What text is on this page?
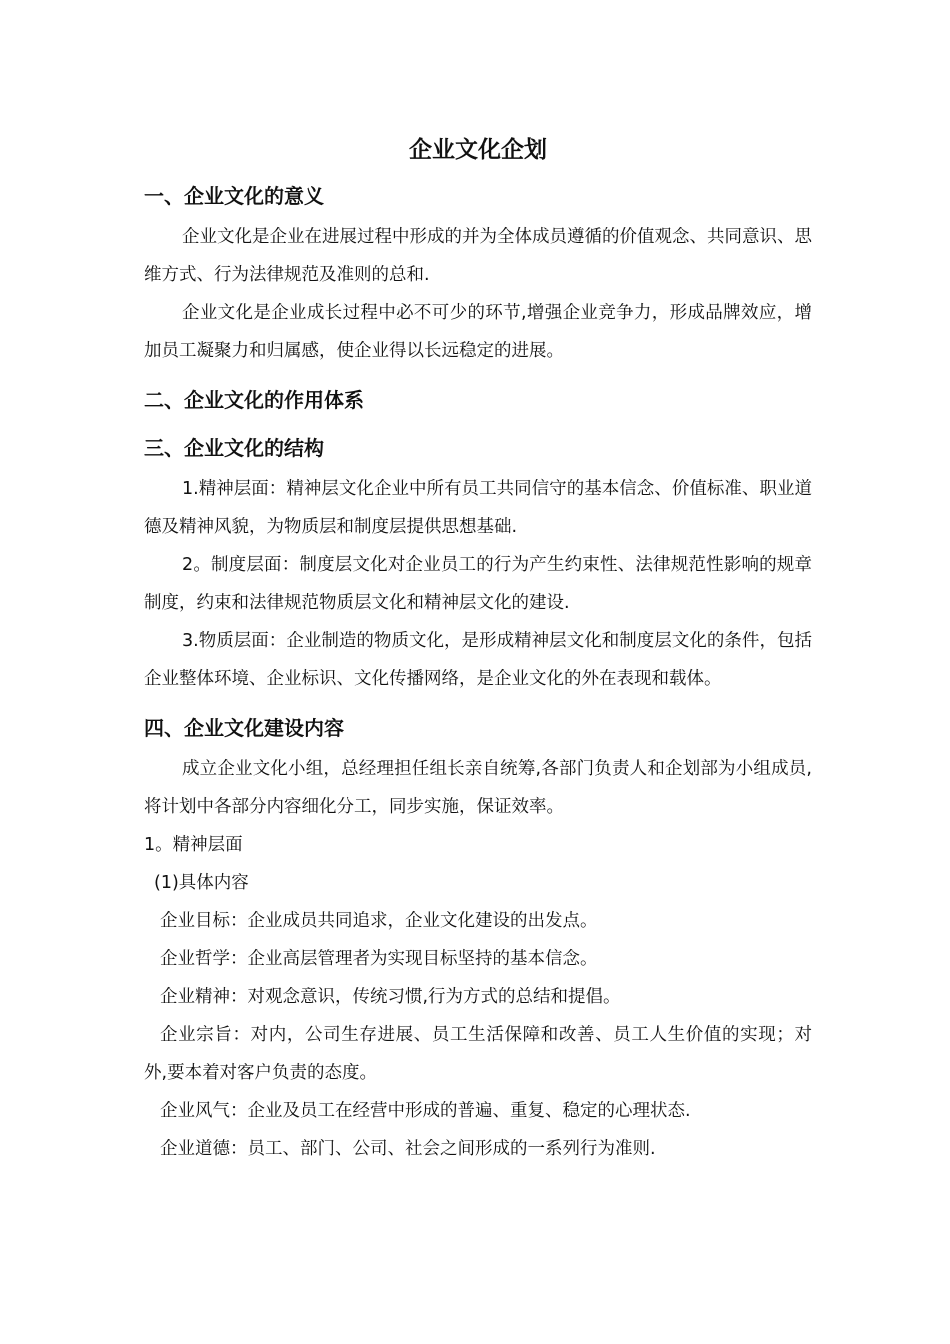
企业文化企划
一、企业文化的意义

企业文化是企业在进展过程中形成的并为全体成员遵循的价值观念、共同意识、思维方式、行为法律规范及准则的总和.

企业文化是企业成长过程中必不可少的环节,增强企业竞争力，形成品牌效应，增加员工凝聚力和归属感，使企业得以长远稳定的进展。

二、企业文化的作用体系
三、企业文化的结构

1.精神层面：精神层文化企业中所有员工共同信守的基本信念、价值标准、职业道德及精神风貌，为物质层和制度层提供思想基础.

2。制度层面：制度层文化对企业员工的行为产生约束性、法律规范性影响的规章制度，约束和法律规范物质层文化和精神层文化的建设.

3.物质层面：企业制造的物质文化，是形成精神层文化和制度层文化的条件，包括企业整体环境、企业标识、文化传播网络，是企业文化的外在表现和载体。

四、企业文化建设内容

成立企业文化小组，总经理担任组长亲自统筹,各部门负责人和企划部为小组成员,将计划中各部分内容细化分工，同步实施，保证效率。

1。精神层面

(1)具体内容

企业目标：企业成员共同追求，企业文化建设的出发点。

企业哲学：企业高层管理者为实现目标坚持的基本信念。

企业精神：对观念意识，传统习惯,行为方式的总结和提倡。

企业宗旨：对内，公司生存进展、员工生活保障和改善、员工人生价值的实现；对外,要本着对客户负责的态度。

企业风气：企业及员工在经营中形成的普遍、重复、稳定的心理状态.

企业道德：员工、部门、公司、社会之间形成的一系列行为准则.
